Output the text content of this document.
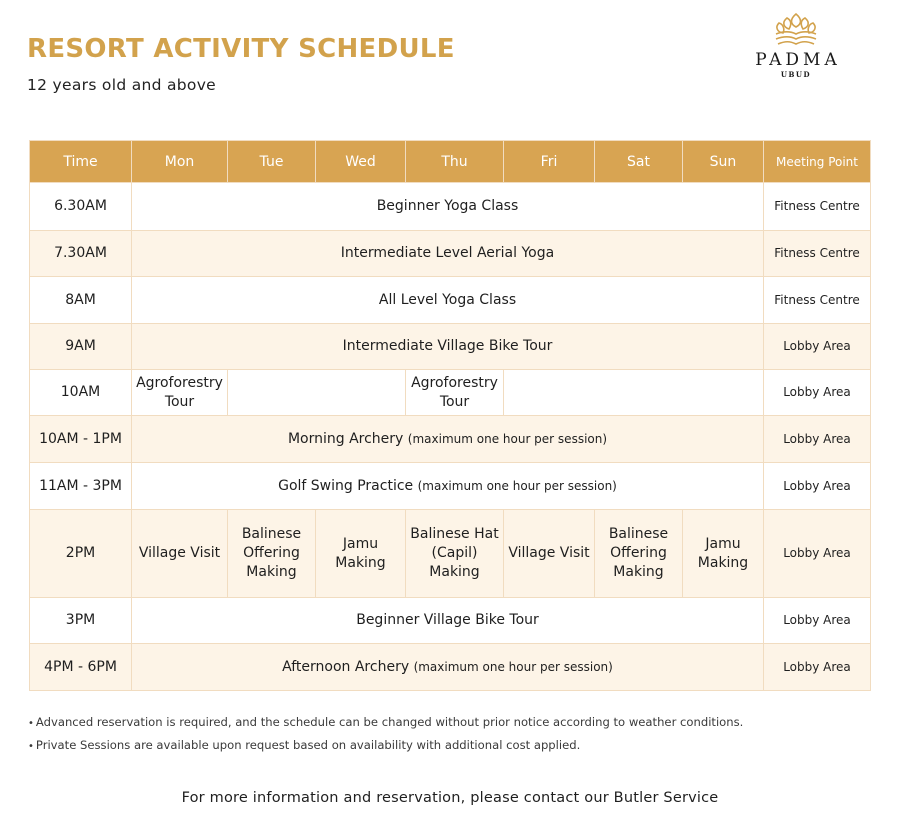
RESORT ACTIVITY SCHEDULE
12 years old and above
PADMA
UBUD
Time	Mon	Tue	Wed	Thu	Fri	Sat	Sun	Meeting Point
6.30AM	Beginner Yoga Class							Fitness Centre
7.30AM	Intermediate Level Aerial Yoga							Fitness Centre
8AM	All Level Yoga Class							Fitness Centre
9AM	Intermediate Village Bike Tour							Lobby Area
10AM	Agroforestry Tour			Agroforestry Tour				Lobby Area
10AM - 1PM	Morning Archery (maximum one hour per session)							Lobby Area
11AM - 3PM	Golf Swing Practice (maximum one hour per session)							Lobby Area
2PM	Village Visit	Balinese Offering Making	Jamu Making	Balinese Hat (Capil) Making	Village Visit	Balinese Offering Making	Jamu Making	Lobby Area
3PM	Beginner Village Bike Tour							Lobby Area
4PM - 6PM	Afternoon Archery (maximum one hour per session)							Lobby Area

• Advanced reservation is required, and the schedule can be changed without prior notice according to weather conditions.

• Private Sessions are available upon request based on availability with additional cost applied.

For more information and reservation, please contact our Butler Service
